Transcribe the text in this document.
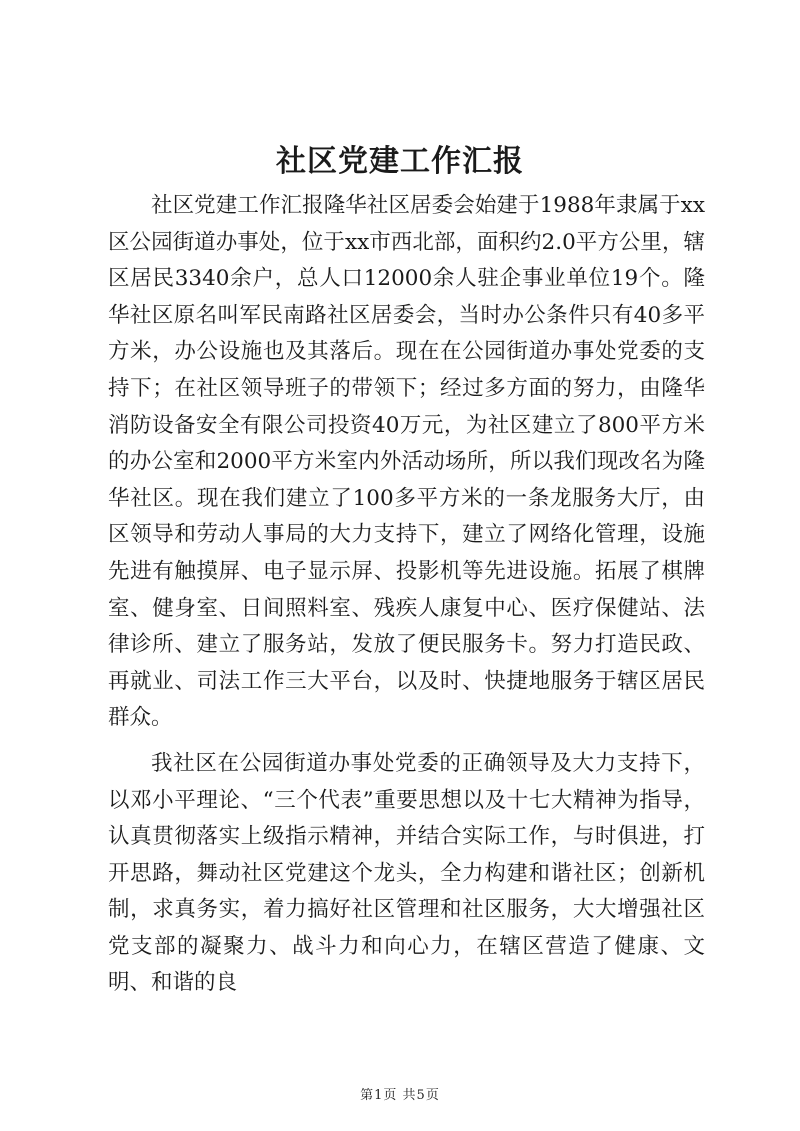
社区党建工作汇报

社区党建工作汇报隆华社区居委会始建于1988年隶属于xx区公园街道办事处，位于xx市西北部，面积约2.0平方公里，辖区居民3340余户，总人口12000余人驻企事业单位19个。隆华社区原名叫军民南路社区居委会，当时办公条件只有40多平方米，办公设施也及其落后。现在在公园街道办事处党委的支持下；在社区领导班子的带领下；经过多方面的努力，由隆华消防设备安全有限公司投资40万元，为社区建立了800平方米的办公室和2000平方米室内外活动场所，所以我们现改名为隆华社区。现在我们建立了100多平方米的一条龙服务大厅，由区领导和劳动人事局的大力支持下，建立了网络化管理，设施先进有触摸屏、电子显示屏、投影机等先进设施。拓展了棋牌室、健身室、日间照料室、残疾人康复中心、医疗保健站、法律诊所、建立了服务站，发放了便民服务卡。努力打造民政、再就业、司法工作三大平台，以及时、快捷地服务于辖区居民群众。

我社区在公园街道办事处党委的正确领导及大力支持下，以邓小平理论、“三个代表”重要思想以及十七大精神为指导，认真贯彻落实上级指示精神，并结合实际工作，与时俱进，打开思路，舞动社区党建这个龙头，全力构建和谐社区；创新机制，求真务实，着力搞好社区管理和社区服务，大大增强社区党支部的凝聚力、战斗力和向心力，在辖区营造了健康、文明、和谐的良

第1页 共5页
